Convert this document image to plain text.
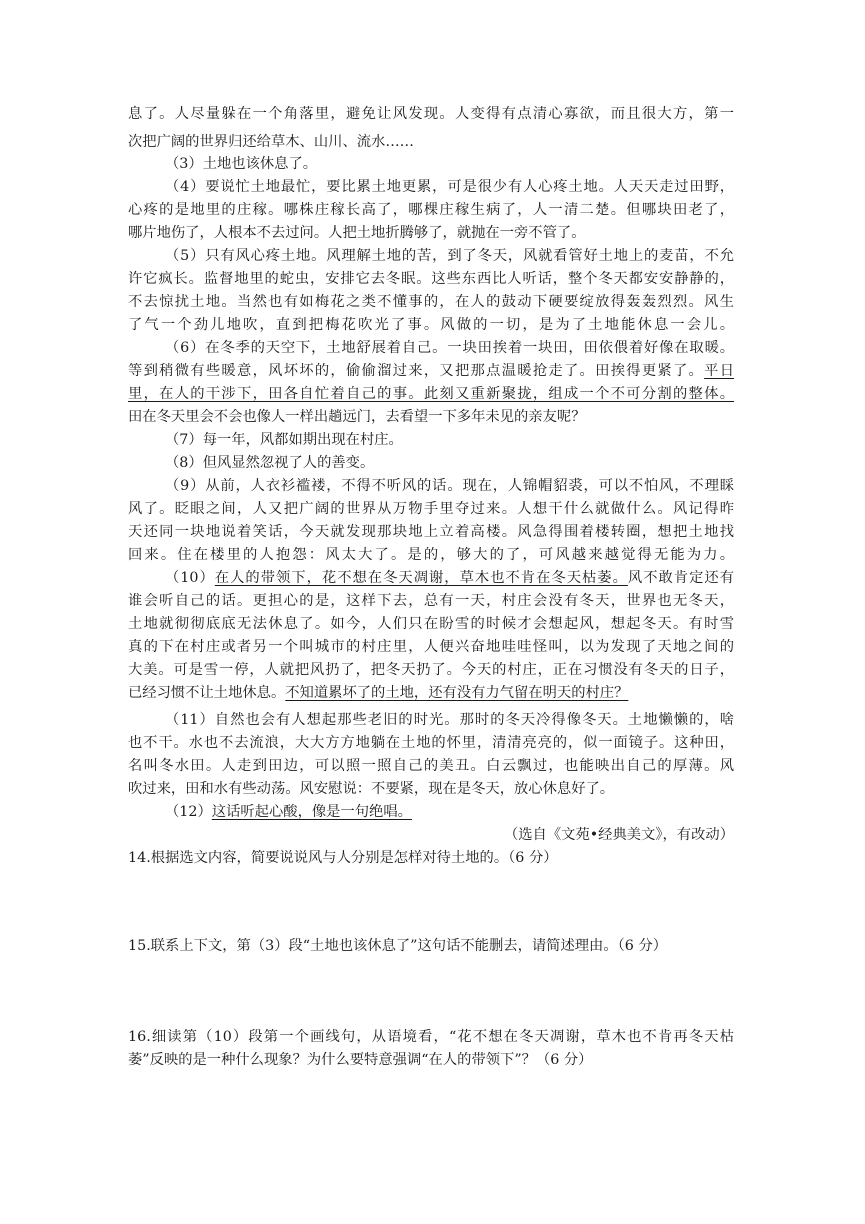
息了。人尽量躲在一个角落里，避免让风发现。人变得有点清心寡欲，而且很大方，第一
次把广阔的世界归还给草木、山川、流水……
（3）土地也该休息了。
（4）要说忙土地最忙，要比累土地更累，可是很少有人心疼土地。人天天走过田野，
心疼的是地里的庄稼。哪株庄稼长高了，哪棵庄稼生病了，人一清二楚。但哪块田老了，
哪片地伤了，人根本不去过问。人把土地折腾够了，就抛在一旁不管了。
（5）只有风心疼土地。风理解土地的苦，到了冬天，风就看管好土地上的麦苗，不允
许它疯长。监督地里的蛇虫，安排它去冬眠。这些东西比人听话，整个冬天都安安静静的，
不去惊扰土地。当然也有如梅花之类不懂事的，在人的鼓动下硬要绽放得轰轰烈烈。风生
了气一个劲儿地吹，直到把梅花吹光了事。风做的一切，是为了土地能休息一会儿。
（6）在冬季的天空下，土地舒展着自己。一块田挨着一块田，田依偎着好像在取暖。
等到稍微有些暖意，风坏坏的，偷偷溜过来，又把那点温暖抢走了。田挨得更紧了。平日
里，在人的干涉下，田各自忙着自己的事。此刻又重新聚拢，组成一个不可分割的整体。
田在冬天里会不会也像人一样出趟远门，去看望一下多年未见的亲友呢？
（7）每一年，风都如期出现在村庄。
（8）但风显然忽视了人的善变。
（9）从前，人衣衫褴褛，不得不听风的话。现在，人锦帽貂裘，可以不怕风，不理睬
风了。眨眼之间，人又把广阔的世界从万物手里夺过来。人想干什么就做什么。风记得昨
天还同一块地说着笑话，今天就发现那块地上立着高楼。风急得围着楼转圈，想把土地找
回来。住在楼里的人抱怨：风太大了。是的，够大的了，可风越来越觉得无能为力。
（10）在人的带领下，花不想在冬天凋谢，草木也不肯在冬天枯萎。风不敢肯定还有
谁会听自己的话。更担心的是，这样下去，总有一天，村庄会没有冬天，世界也无冬天，
土地就彻彻底底无法休息了。如今，人们只在盼雪的时候才会想起风，想起冬天。有时雪
真的下在村庄或者另一个叫城市的村庄里，人便兴奋地哇哇怪叫，以为发现了天地之间的
大美。可是雪一停，人就把风扔了，把冬天扔了。今天的村庄，正在习惯没有冬天的日子，
已经习惯不让土地休息。不知道累坏了的土地，还有没有力气留在明天的村庄？
（11）自然也会有人想起那些老旧的时光。那时的冬天冷得像冬天。土地懒懒的，啥
也不干。水也不去流浪，大大方方地躺在土地的怀里，清清亮亮的，似一面镜子。这种田，
名叫冬水田。人走到田边，可以照一照自己的美丑。白云飘过，也能映出自己的厚薄。风
吹过来，田和水有些动荡。风安慰说：不要紧，现在是冬天，放心休息好了。
（12）这话听起心酸，像是一句绝唱。
（选自《文苑•经典美文》，有改动）
14.根据选文内容，简要说说风与人分别是怎样对待土地的。（6 分）
15.联系上下文，第（3）段“土地也该休息了”这句话不能删去，请简述理由。（6 分）
16.细读第（10）段第一个画线句，从语境看，“花不想在冬天凋谢，草木也不肯再冬天枯
萎”反映的是一种什么现象？为什么要特意强调“在人的带领下”？（6 分）
